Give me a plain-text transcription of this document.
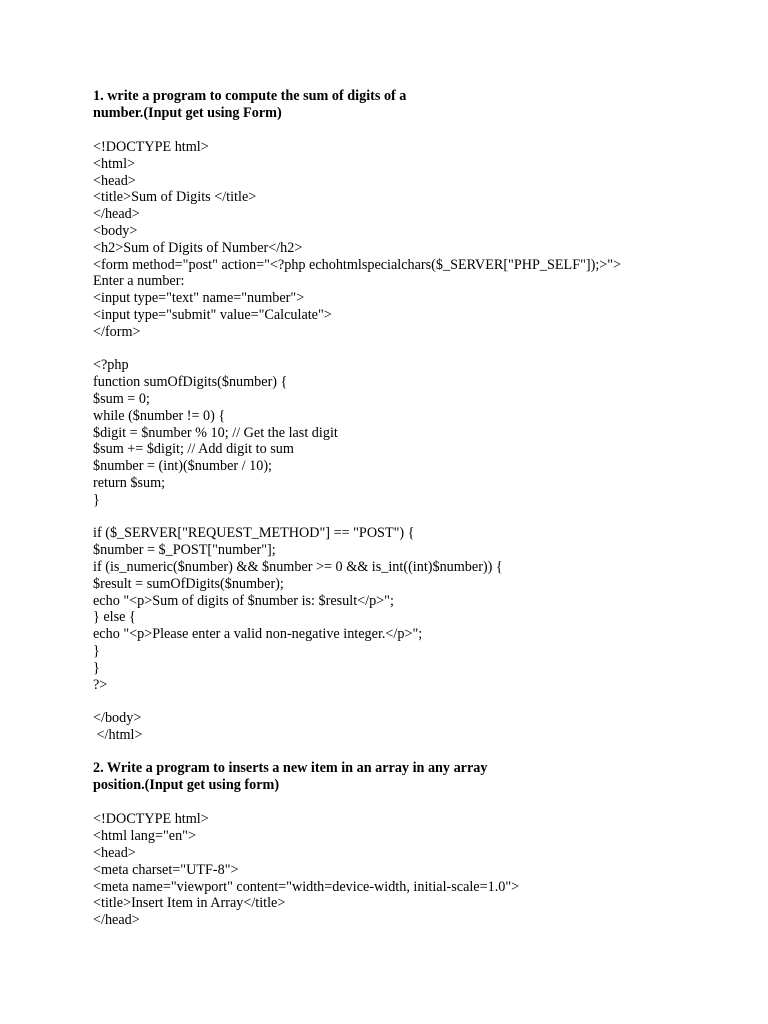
1. write a program to compute the sum of digits of a
number.(Input get using Form)
<!DOCTYPE html>
<html>
<head>
<title>Sum of Digits </title>
</head>
<body>
<h2>Sum of Digits of Number</h2>
<form method="post" action="<?php echohtmlspecialchars($_SERVER["PHP_SELF"]);>">
Enter a number:
<input type="text" name="number">
<input type="submit" value="Calculate">
</form>
<?php
function sumOfDigits($number) {
$sum = 0;
while ($number != 0) {
$digit = $number % 10; // Get the last digit
$sum += $digit; // Add digit to sum
$number = (int)($number / 10);
return $sum;
}
if ($_SERVER["REQUEST_METHOD"] == "POST") {
$number = $_POST["number"];
if (is_numeric($number) && $number >= 0 && is_int((int)$number)) {
$result = sumOfDigits($number);
echo "<p>Sum of digits of $number is: $result</p>";
} else {
echo "<p>Please enter a valid non-negative integer.</p>";
}
}
?>
</body>
</html>
2. Write a program to inserts a new item in an array in any array
position.(Input get using form)
<!DOCTYPE html>
<html lang="en">
<head>
<meta charset="UTF-8">
<meta name="viewport" content="width=device-width, initial-scale=1.0">
<title>Insert Item in Array</title>
</head>
